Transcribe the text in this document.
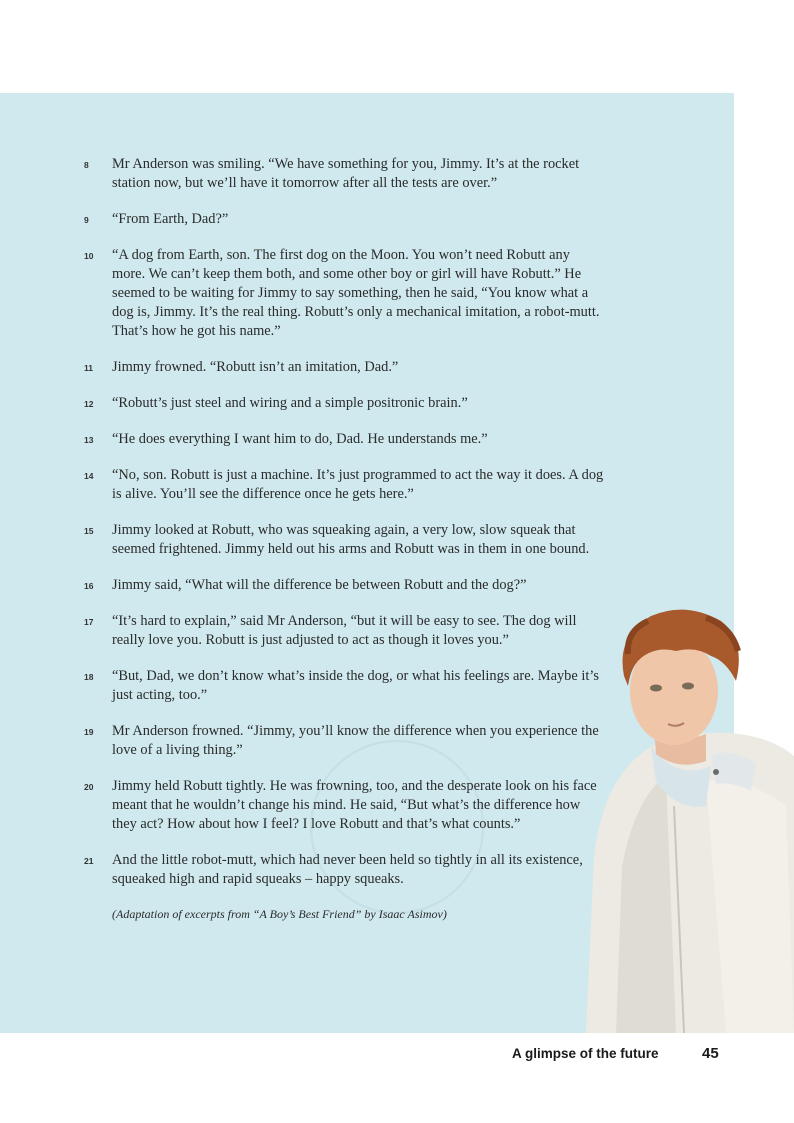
8	Mr Anderson was smiling. “We have something for you, Jimmy. It’s at the rocket station now, but we’ll have it tomorrow after all the tests are over.”

9	“From Earth, Dad?”

10	“A dog from Earth, son. The first dog on the Moon. You won’t need Robutt any more. We can’t keep them both, and some other boy or girl will have Robutt.” He seemed to be waiting for Jimmy to say something, then he said, “You know what a dog is, Jimmy. It’s the real thing. Robutt’s only a mechanical imitation, a robot-mutt. That’s how he got his name.”

11	Jimmy frowned. “Robutt isn’t an imitation, Dad.”

12	“Robutt’s just steel and wiring and a simple positronic brain.”

13	“He does everything I want him to do, Dad. He understands me.”

14	“No, son. Robutt is just a machine. It’s just programmed to act the way it does. A dog is alive. You’ll see the difference once he gets here.”

15	Jimmy looked at Robutt, who was squeaking again, a very low, slow squeak that seemed frightened. Jimmy held out his arms and Robutt was in them in one bound.

16	Jimmy said, “What will the difference be between Robutt and the dog?”

17	“It’s hard to explain,” said Mr Anderson, “but it will be easy to see. The dog will really love you. Robutt is just adjusted to act as though it loves you.”

18	“But, Dad, we don’t know what’s inside the dog, or what his feelings are. Maybe it’s just acting, too.”

19	Mr Anderson frowned. “Jimmy, you’ll know the difference when you experience the love of a living thing.”

20	Jimmy held Robutt tightly. He was frowning, too, and the desperate look on his face meant that he wouldn’t change his mind. He said, “But what’s the difference how they act? How about how I feel? I love Robutt and that’s what counts.”

21	And the little robot-mutt, which had never been held so tightly in all its existence, squeaked high and rapid squeaks – happy squeaks.

(Adaptation of excerpts from “A Boy’s Best Friend” by Isaac Asimov)

A glimpse of the future	45
